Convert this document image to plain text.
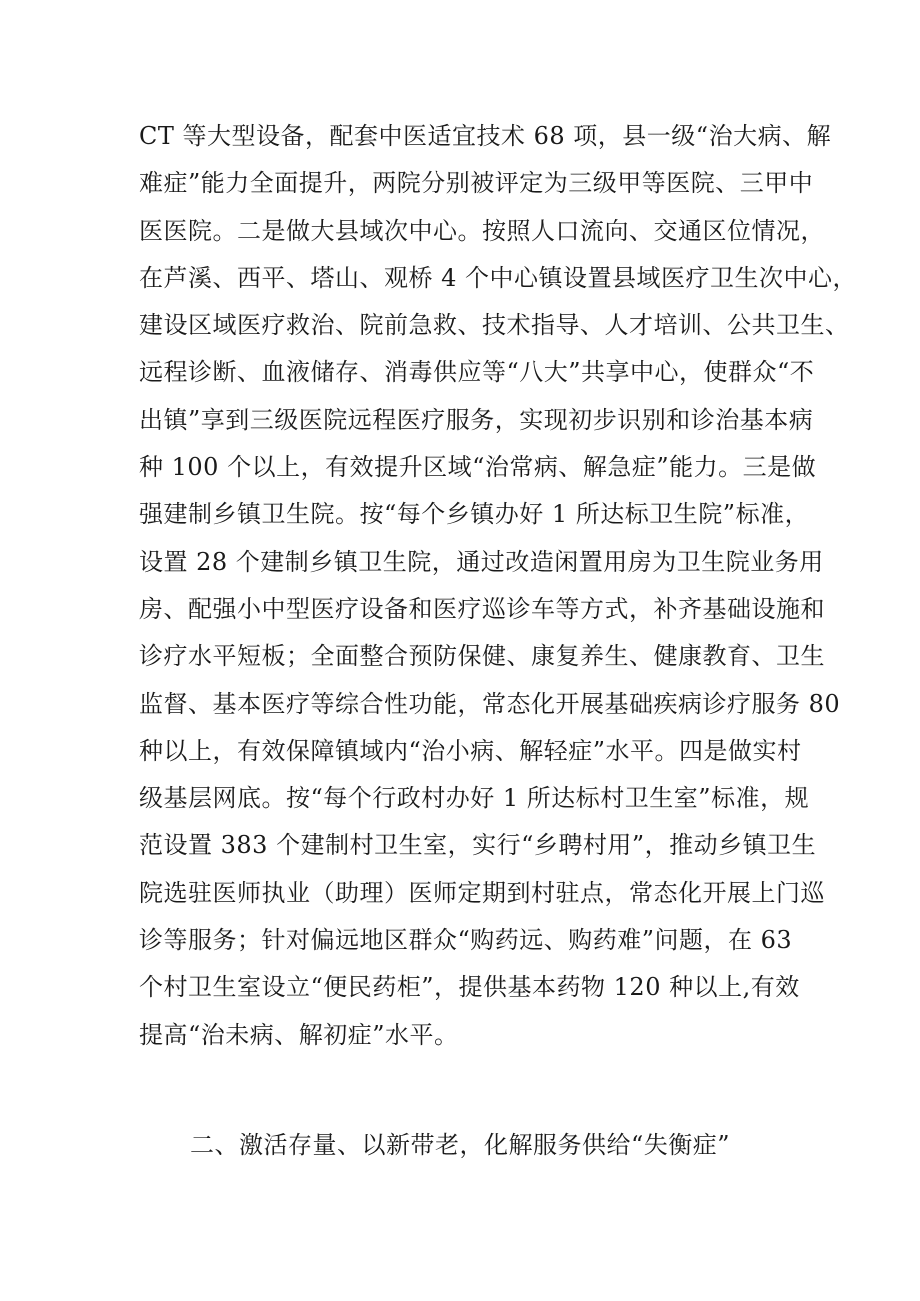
CT 等大型设备，配套中医适宜技术 68 项，县一级“治大病、解
难症”能力全面提升，两院分别被评定为三级甲等医院、三甲中
医医院。二是做大县域次中心。按照人口流向、交通区位情况，
在芦溪、西平、塔山、观桥 4 个中心镇设置县域医疗卫生次中心，
建设区域医疗救治、院前急救、技术指导、人才培训、公共卫生、
远程诊断、血液储存、消毒供应等“八大”共享中心，使群众“不
出镇”享到三级医院远程医疗服务，实现初步识别和诊治基本病
种 100 个以上，有效提升区域“治常病、解急症”能力。三是做
强建制乡镇卫生院。按“每个乡镇办好 1 所达标卫生院”标准，
设置 28 个建制乡镇卫生院，通过改造闲置用房为卫生院业务用
房、配强小中型医疗设备和医疗巡诊车等方式，补齐基础设施和
诊疗水平短板；全面整合预防保健、康复养生、健康教育、卫生
监督、基本医疗等综合性功能，常态化开展基础疾病诊疗服务 80
种以上，有效保障镇域内“治小病、解轻症”水平。四是做实村
级基层网底。按“每个行政村办好 1 所达标村卫生室”标准，规
范设置 383 个建制村卫生室，实行“乡聘村用”，推动乡镇卫生
院选驻医师执业（助理）医师定期到村驻点，常态化开展上门巡
诊等服务；针对偏远地区群众“购药远、购药难”问题，在 63
个村卫生室设立“便民药柜”，提供基本药物 120 种以上,有效
提高“治未病、解初症”水平。
二、激活存量、以新带老，化解服务供给“失衡症”
